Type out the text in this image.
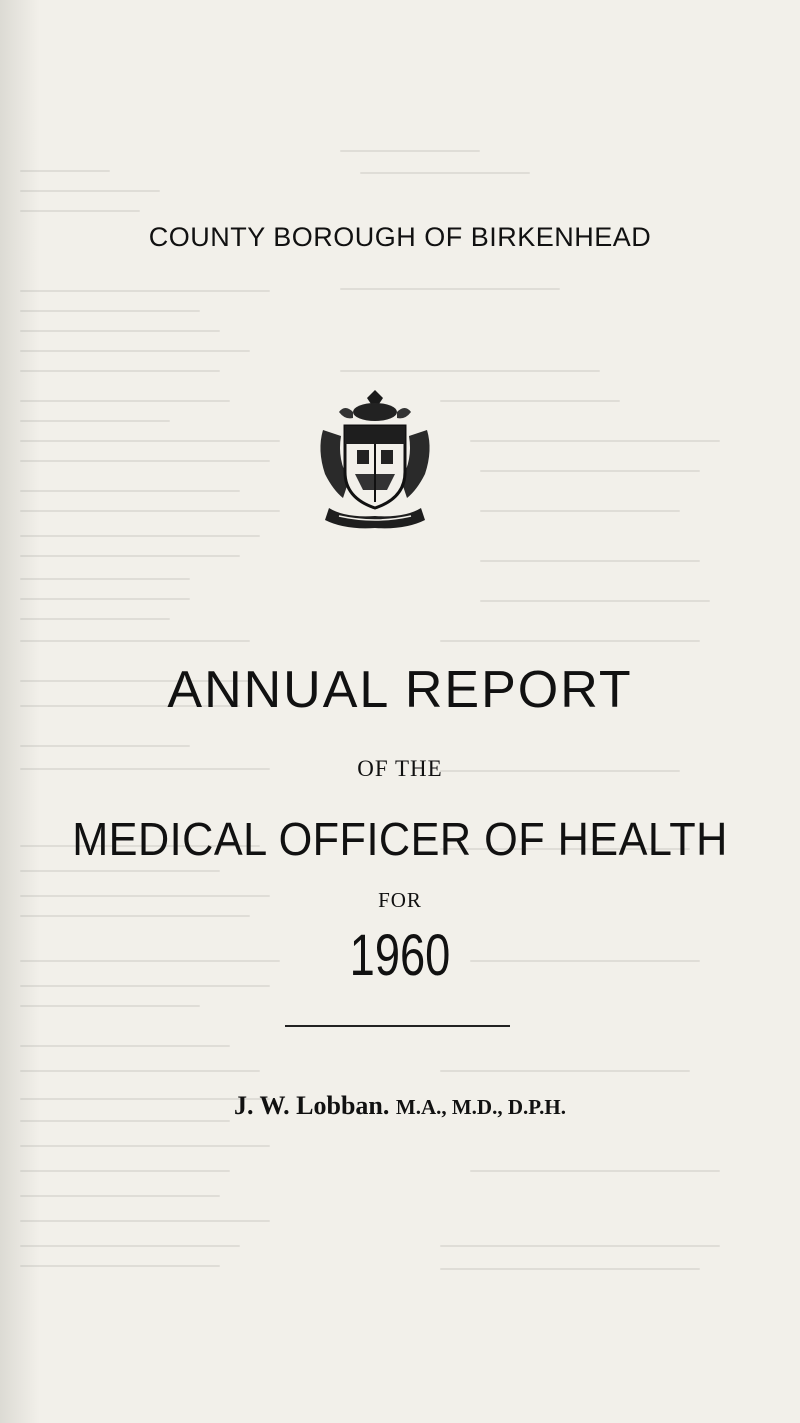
COUNTY BOROUGH OF BIRKENHEAD
ANNUAL REPORT
OF THE
MEDICAL OFFICER OF HEALTH
FOR
1960
J. W. Lobban. M.A., M.D., D.P.H.
